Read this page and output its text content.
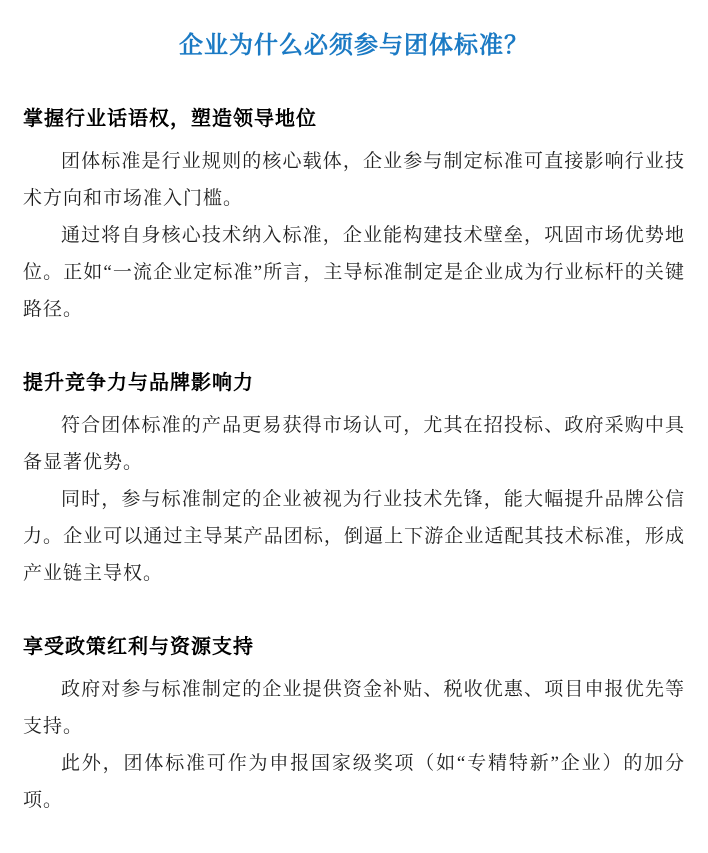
企业为什么必须参与团体标准？
掌握行业话语权，塑造领导地位

团体标准是行业规则的核心载体，企业参与制定标准可直接影响行业技术方向和市场准入门槛。

通过将自身核心技术纳入标准，企业能构建技术壁垒，巩固市场优势地位。正如“一流企业定标准”所言，主导标准制定是企业成为行业标杆的关键路径。

提升竞争力与品牌影响力

符合团体标准的产品更易获得市场认可，尤其在招投标、政府采购中具备显著优势。

同时，参与标准制定的企业被视为行业技术先锋，能大幅提升品牌公信力。企业可以通过主导某产品团标，倒逼上下游企业适配其技术标准，形成产业链主导权。

享受政策红利与资源支持

政府对参与标准制定的企业提供资金补贴、税收优惠、项目申报优先等支持。

此外，团体标准可作为申报国家级奖项（如“专精特新”企业）的加分项。
